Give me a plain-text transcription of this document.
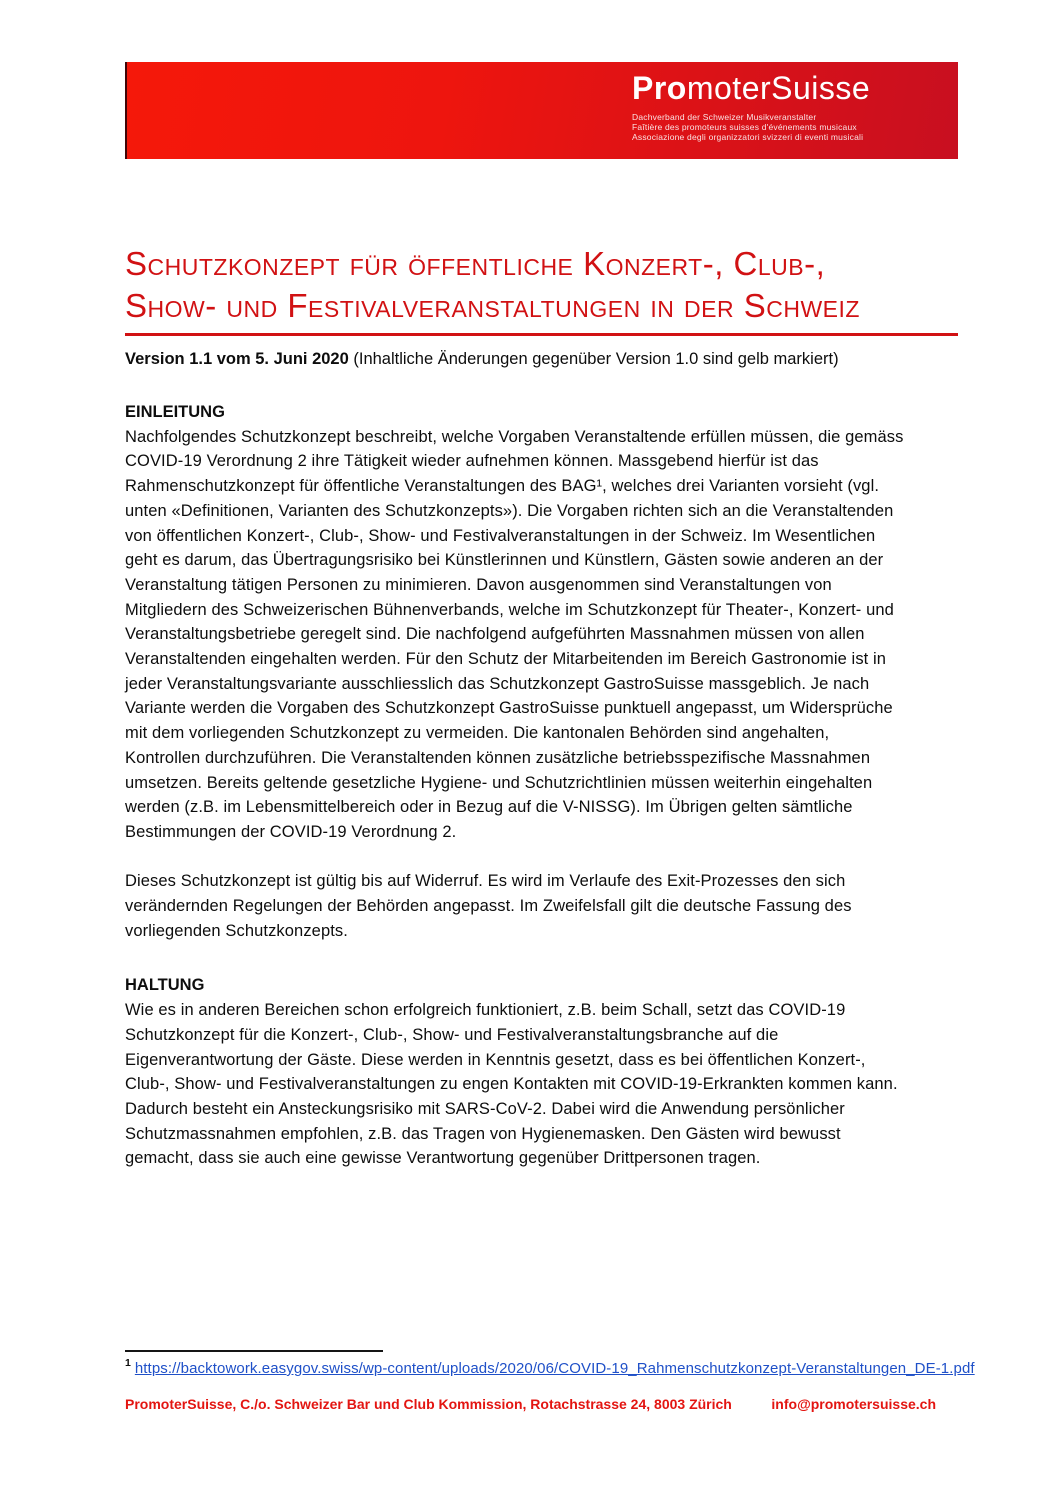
PromoterSuisse
Dachverband der Schweizer Musikveranstalter
Faîtière des promoteurs suisses d'événements musicaux
Associazione degli organizzatori svizzeri di eventi musicali
Schutzkonzept für öffentliche Konzert-, Club-,
Show- und Festivalveranstaltungen in der Schweiz
Version 1.1 vom 5. Juni 2020 (Inhaltliche Änderungen gegenüber Version 1.0 sind gelb markiert)
EINLEITUNG
Nachfolgendes Schutzkonzept beschreibt, welche Vorgaben Veranstaltende erfüllen müssen, die gemäss
COVID-19 Verordnung 2 ihre Tätigkeit wieder aufnehmen können. Massgebend hierfür ist das
Rahmenschutzkonzept für öffentliche Veranstaltungen des BAG¹, welches drei Varianten vorsieht (vgl.
unten «Definitionen, Varianten des Schutzkonzepts»). Die Vorgaben richten sich an die Veranstaltenden
von öffentlichen Konzert-, Club-, Show- und Festivalveranstaltungen in der Schweiz. Im Wesentlichen
geht es darum, das Übertragungsrisiko bei Künstlerinnen und Künstlern, Gästen sowie anderen an der
Veranstaltung tätigen Personen zu minimieren. Davon ausgenommen sind Veranstaltungen von
Mitgliedern des Schweizerischen Bühnenverbands, welche im Schutzkonzept für Theater-, Konzert- und
Veranstaltungsbetriebe geregelt sind. Die nachfolgend aufgeführten Massnahmen müssen von allen
Veranstaltenden eingehalten werden. Für den Schutz der Mitarbeitenden im Bereich Gastronomie ist in
jeder Veranstaltungsvariante ausschliesslich das Schutzkonzept GastroSuisse massgeblich. Je nach
Variante werden die Vorgaben des Schutzkonzept GastroSuisse punktuell angepasst, um Widersprüche
mit dem vorliegenden Schutzkonzept zu vermeiden. Die kantonalen Behörden sind angehalten,
Kontrollen durchzuführen. Die Veranstaltenden können zusätzliche betriebsspezifische Massnahmen
umsetzen. Bereits geltende gesetzliche Hygiene- und Schutzrichtlinien müssen weiterhin eingehalten
werden (z.B. im Lebensmittelbereich oder in Bezug auf die V-NISSG). Im Übrigen gelten sämtliche
Bestimmungen der COVID-19 Verordnung 2.
Dieses Schutzkonzept ist gültig bis auf Widerruf. Es wird im Verlaufe des Exit-Prozesses den sich
verändernden Regelungen der Behörden angepasst. Im Zweifelsfall gilt die deutsche Fassung des
vorliegenden Schutzkonzepts.
HALTUNG
Wie es in anderen Bereichen schon erfolgreich funktioniert, z.B. beim Schall, setzt das COVID-19
Schutzkonzept für die Konzert-, Club-, Show- und Festivalveranstaltungsbranche auf die
Eigenverantwortung der Gäste. Diese werden in Kenntnis gesetzt, dass es bei öffentlichen Konzert-,
Club-, Show- und Festivalveranstaltungen zu engen Kontakten mit COVID-19-Erkrankten kommen kann.
Dadurch besteht ein Ansteckungsrisiko mit SARS-CoV-2. Dabei wird die Anwendung persönlicher
Schutzmassnahmen empfohlen, z.B. das Tragen von Hygienemasken. Den Gästen wird bewusst
gemacht, dass sie auch eine gewisse Verantwortung gegenüber Drittpersonen tragen.
$^1$ https://backtowork.easygov.swiss/wp-content/uploads/2020/06/COVID-19_Rahmenschutzkonzept-Veranstaltungen_DE-1.pdf
PromoterSuisse, C./o. Schweizer Bar und Club Kommission, Rotachstrasse 24, 8003 Zürich	info@promotersuisse.ch
